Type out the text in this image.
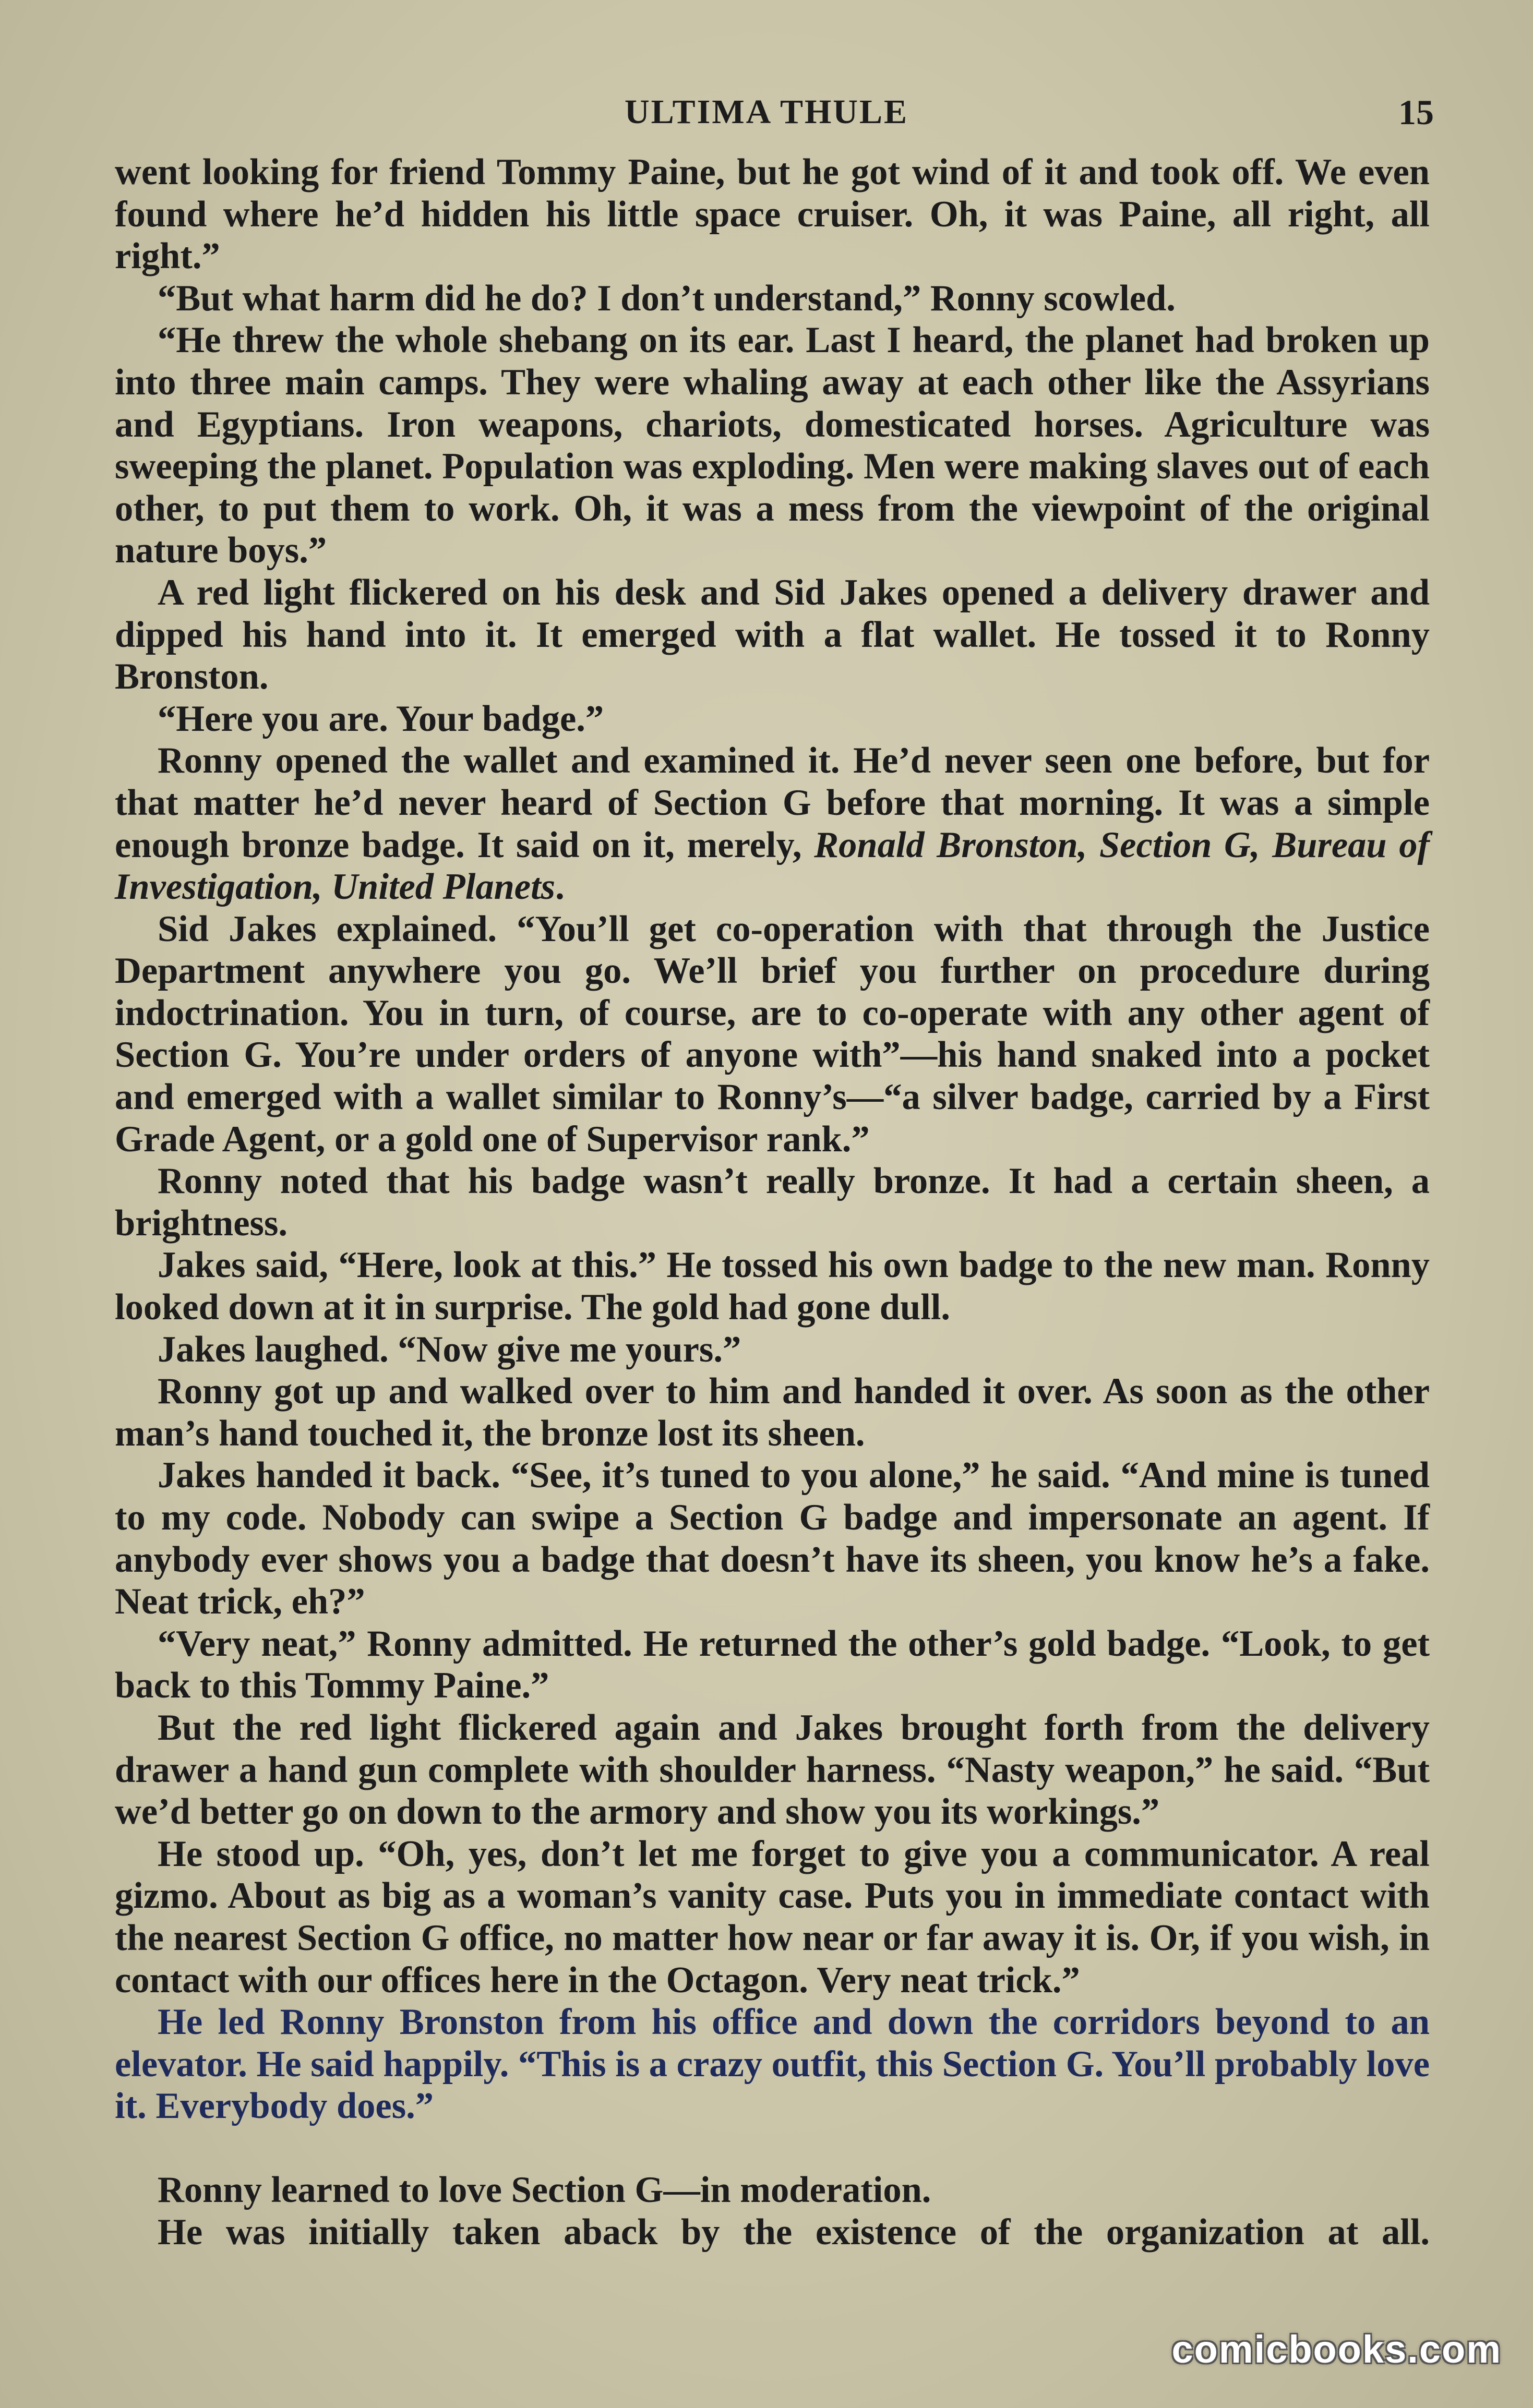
ULTIMA THULE	15

went looking for friend Tommy Paine, but he got wind of it and took off. We even found where he’d hidden his little space cruiser. Oh, it was Paine, all right, all right.”

“But what harm did he do? I don’t understand,” Ronny scowled.

“He threw the whole shebang on its ear. Last I heard, the planet had broken up into three main camps. They were whaling away at each other like the Assyrians and Egyptians. Iron weapons, chariots, domesticated horses. Agriculture was sweeping the planet. Population was exploding. Men were making slaves out of each other, to put them to work. Oh, it was a mess from the viewpoint of the original nature boys.”

A red light flickered on his desk and Sid Jakes opened a delivery drawer and dipped his hand into it. It emerged with a flat wallet. He tossed it to Ronny Bronston.

“Here you are. Your badge.”

Ronny opened the wallet and examined it. He’d never seen one before, but for that matter he’d never heard of Section G before that morning. It was a simple enough bronze badge. It said on it, merely, Ronald Bronston, Section G, Bureau of Investigation, United Planets.

Sid Jakes explained. “You’ll get co-operation with that through the Justice Department anywhere you go. We’ll brief you further on procedure during indoctrination. You in turn, of course, are to co-operate with any other agent of Section G. You’re under orders of anyone with”—his hand snaked into a pocket and emerged with a wallet similar to Ronny’s—“a silver badge, carried by a First Grade Agent, or a gold one of Supervisor rank.”

Ronny noted that his badge wasn’t really bronze. It had a certain sheen, a brightness.

Jakes said, “Here, look at this.” He tossed his own badge to the new man. Ronny looked down at it in surprise. The gold had gone dull.

Jakes laughed. “Now give me yours.”

Ronny got up and walked over to him and handed it over. As soon as the other man’s hand touched it, the bronze lost its sheen.

Jakes handed it back. “See, it’s tuned to you alone,” he said. “And mine is tuned to my code. Nobody can swipe a Section G badge and impersonate an agent. If anybody ever shows you a badge that doesn’t have its sheen, you know he’s a fake. Neat trick, eh?”

“Very neat,” Ronny admitted. He returned the other’s gold badge. “Look, to get back to this Tommy Paine.”

But the red light flickered again and Jakes brought forth from the delivery drawer a hand gun complete with shoulder harness. “Nasty weapon,” he said. “But we’d better go on down to the armory and show you its workings.”

He stood up. “Oh, yes, don’t let me forget to give you a communicator. A real gizmo. About as big as a woman’s vanity case. Puts you in immediate contact with the nearest Section G office, no matter how near or far away it is. Or, if you wish, in contact with our offices here in the Octagon. Very neat trick.”

He led Ronny Bronston from his office and down the corridors beyond to an elevator. He said happily. “This is a crazy outfit, this Section G. You’ll probably love it. Everybody does.”

Ronny learned to love Section G—in moderation.

He was initially taken aback by the existence of the organization at all.

comicbooks.com
